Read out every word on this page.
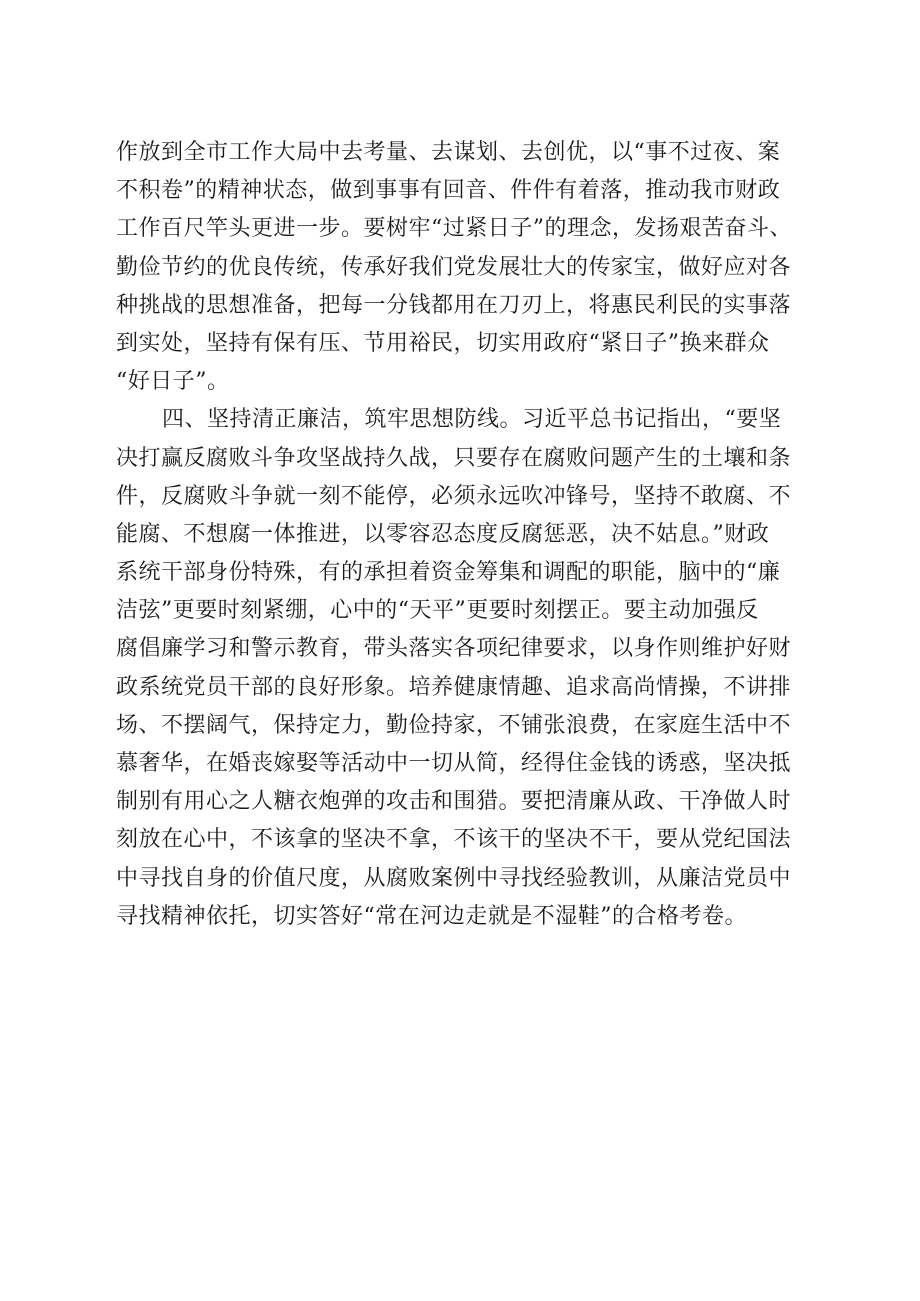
作放到全市工作大局中去考量、去谋划、去创优，以“事不过夜、案
不积卷”的精神状态，做到事事有回音、件件有着落，推动我市财政
工作百尺竿头更进一步。要树牢“过紧日子”的理念，发扬艰苦奋斗、
勤俭节约的优良传统，传承好我们党发展壮大的传家宝，做好应对各
种挑战的思想准备，把每一分钱都用在刀刃上，将惠民利民的实事落
到实处，坚持有保有压、节用裕民，切实用政府“紧日子”换来群众
“好日子”。
四、坚持清正廉洁，筑牢思想防线。习近平总书记指出，“要坚
决打赢反腐败斗争攻坚战持久战，只要存在腐败问题产生的土壤和条
件，反腐败斗争就一刻不能停，必须永远吹冲锋号，坚持不敢腐、不
能腐、不想腐一体推进，以零容忍态度反腐惩恶，决不姑息。”财政
系统干部身份特殊，有的承担着资金筹集和调配的职能，脑中的“廉
洁弦”更要时刻紧绷，心中的“天平”更要时刻摆正。要主动加强反
腐倡廉学习和警示教育，带头落实各项纪律要求，以身作则维护好财
政系统党员干部的良好形象。培养健康情趣、追求高尚情操，不讲排
场、不摆阔气，保持定力，勤俭持家，不铺张浪费，在家庭生活中不
慕奢华，在婚丧嫁娶等活动中一切从简，经得住金钱的诱惑，坚决抵
制别有用心之人糖衣炮弹的攻击和围猎。要把清廉从政、干净做人时
刻放在心中，不该拿的坚决不拿，不该干的坚决不干，要从党纪国法
中寻找自身的价值尺度，从腐败案例中寻找经验教训，从廉洁党员中
寻找精神依托，切实答好“常在河边走就是不湿鞋”的合格考卷。
